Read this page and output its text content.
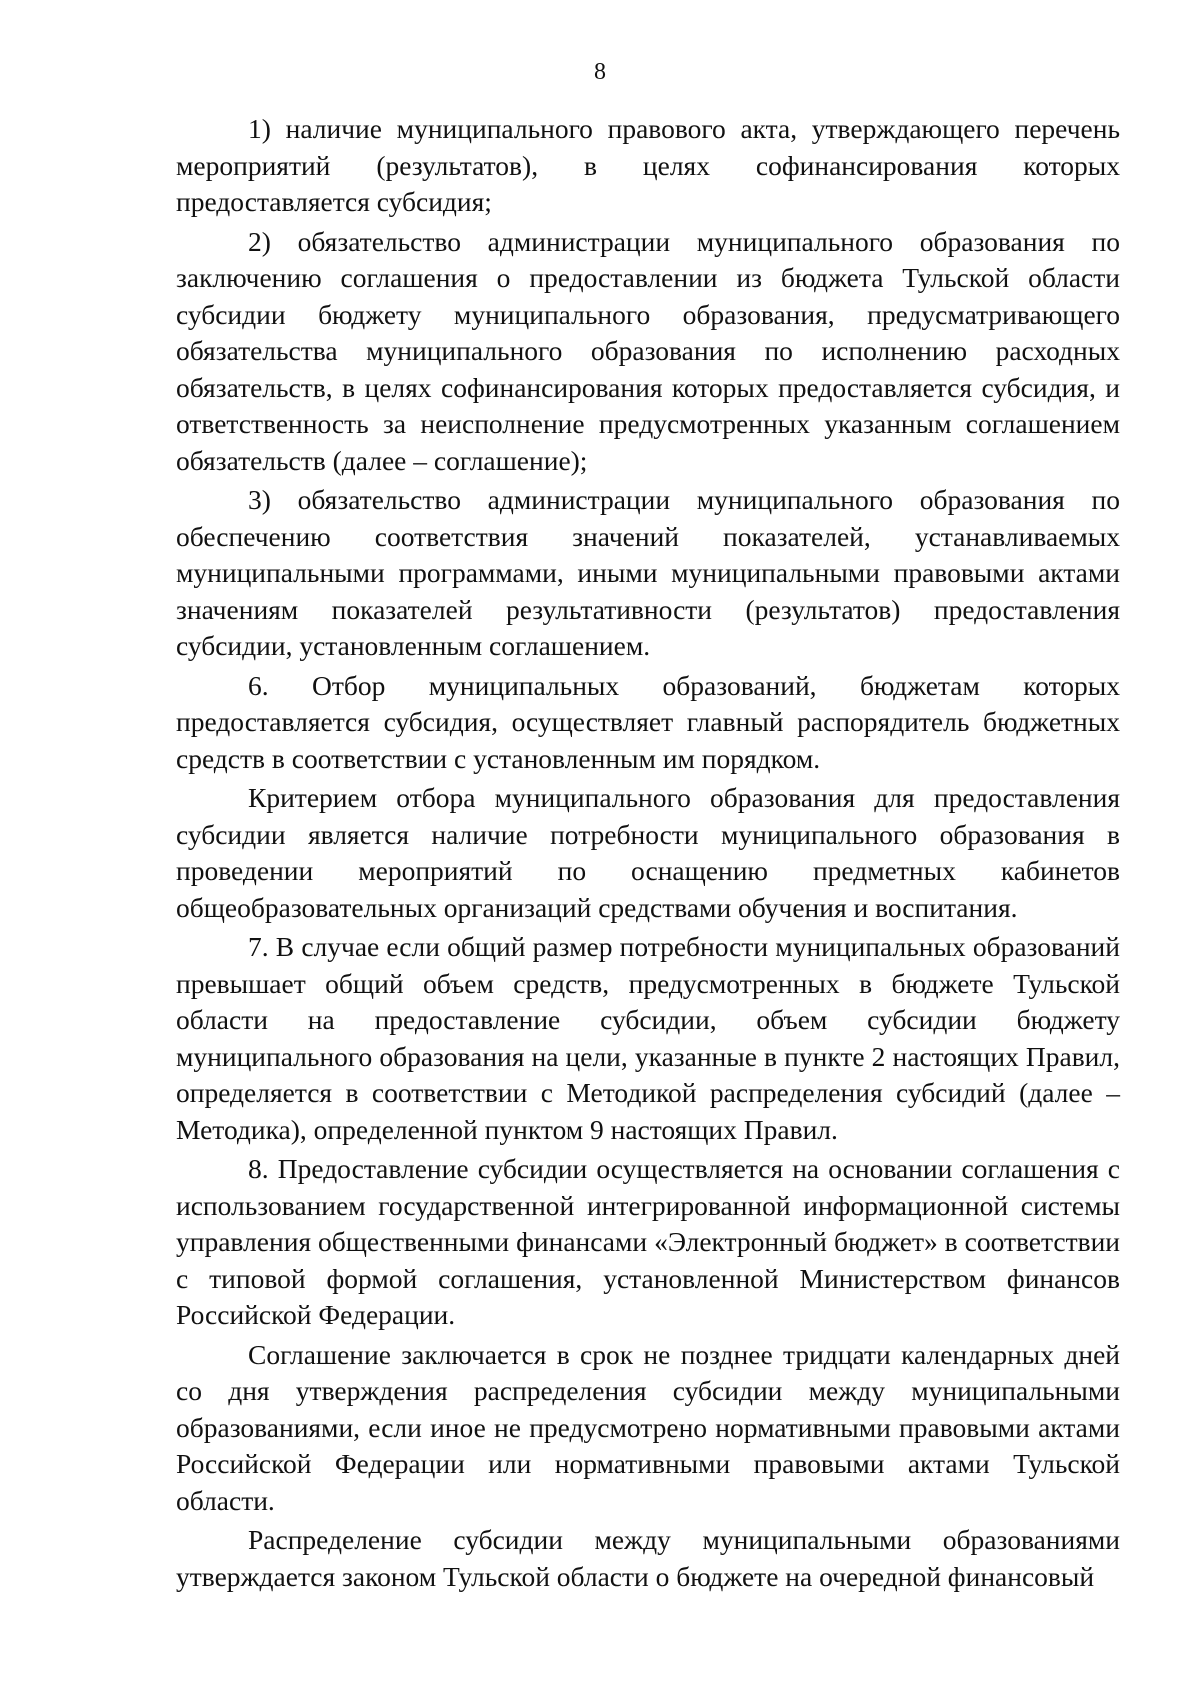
8

1) наличие муниципального правового акта, утверждающего перечень мероприятий (результатов), в целях софинансирования которых предоставляется субсидия;

2) обязательство администрации муниципального образования по заключению соглашения о предоставлении из бюджета Тульской области субсидии бюджету муниципального образования, предусматривающего обязательства муниципального образования по исполнению расходных обязательств, в целях софинансирования которых предоставляется субсидия, и ответственность за неисполнение предусмотренных указанным соглашением обязательств (далее – соглашение);

3) обязательство администрации муниципального образования по обеспечению соответствия значений показателей, устанавливаемых муниципальными программами, иными муниципальными правовыми актами значениям показателей результативности (результатов) предоставления субсидии, установленным соглашением.

6. Отбор муниципальных образований, бюджетам которых предоставляется субсидия, осуществляет главный распорядитель бюджетных средств в соответствии с установленным им порядком.

Критерием отбора муниципального образования для предоставления субсидии является наличие потребности муниципального образования в проведении мероприятий по оснащению предметных кабинетов общеобразовательных организаций средствами обучения и воспитания.

7. В случае если общий размер потребности муниципальных образований превышает общий объем средств, предусмотренных в бюджете Тульской области на предоставление субсидии, объем субсидии бюджету муниципального образования на цели, указанные в пункте 2 настоящих Правил, определяется в соответствии с Методикой распределения субсидий (далее – Методика), определенной пунктом 9 настоящих Правил.

8. Предоставление субсидии осуществляется на основании соглашения с использованием государственной интегрированной информационной системы управления общественными финансами «Электронный бюджет» в соответствии с типовой формой соглашения, установленной Министерством финансов Российской Федерации.

Соглашение заключается в срок не позднее тридцати календарных дней со дня утверждения распределения субсидии между муниципальными образованиями, если иное не предусмотрено нормативными правовыми актами Российской Федерации или нормативными правовыми актами Тульской области.

Распределение субсидии между муниципальными образованиями утверждается законом Тульской области о бюджете на очередной финансовый
